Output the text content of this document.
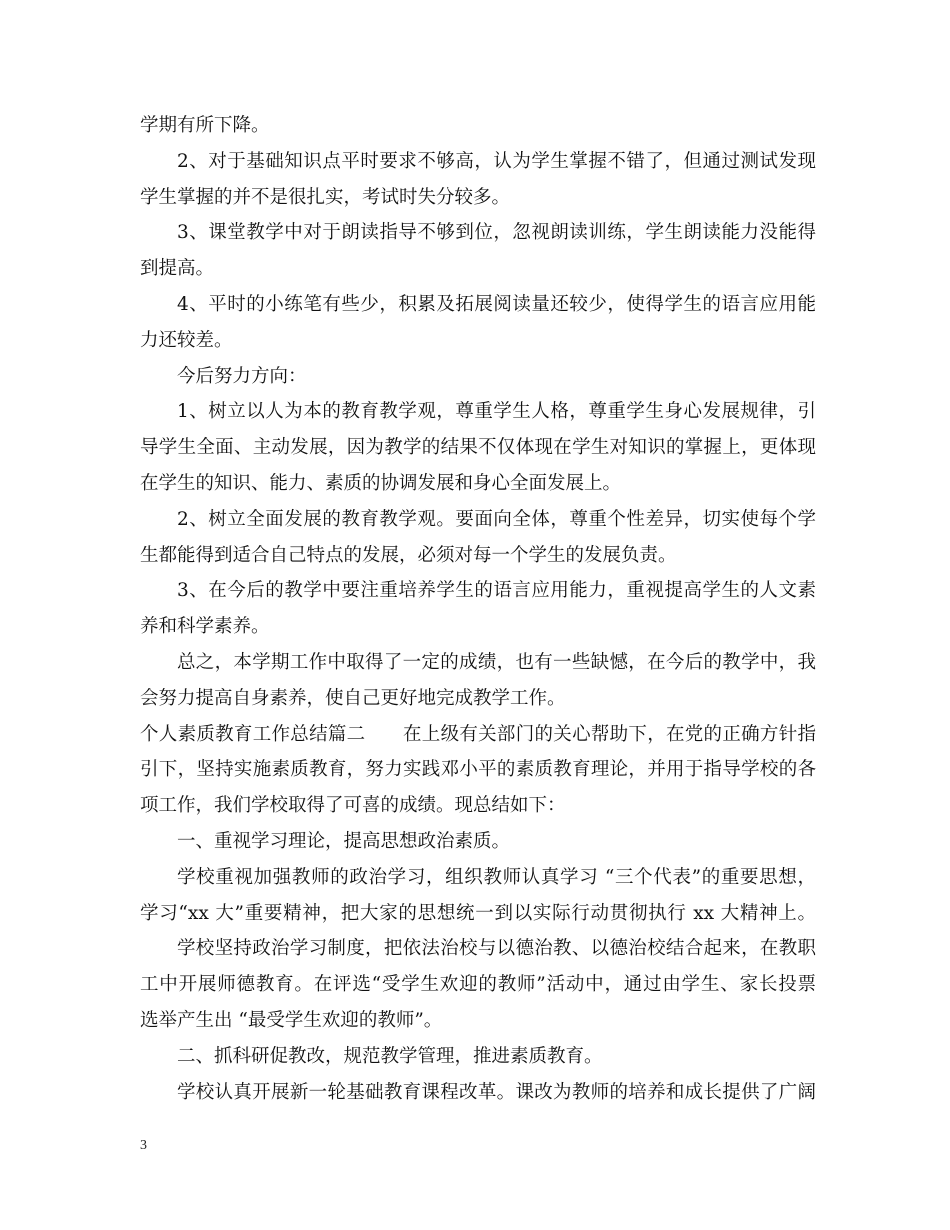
学期有所下降。
2、对于基础知识点平时要求不够高，认为学生掌握不错了，但通过测试发现
学生掌握的并不是很扎实，考试时失分较多。
3、课堂教学中对于朗读指导不够到位，忽视朗读训练，学生朗读能力没能得
到提高。
4、平时的小练笔有些少，积累及拓展阅读量还较少，使得学生的语言应用能
力还较差。
今后努力方向：
1、树立以人为本的教育教学观，尊重学生人格，尊重学生身心发展规律，引
导学生全面、主动发展，因为教学的结果不仅体现在学生对知识的掌握上，更体现
在学生的知识、能力、素质的协调发展和身心全面发展上。
2、树立全面发展的教育教学观。要面向全体，尊重个性差异，切实使每个学
生都能得到适合自己特点的发展，必须对每一个学生的发展负责。
3、在今后的教学中要注重培养学生的语言应用能力，重视提高学生的人文素
养和科学素养。
总之，本学期工作中取得了一定的成绩，也有一些缺憾，在今后的教学中，我
会努力提高自身素养，使自己更好地完成教学工作。
个人素质教育工作总结篇二　　在上级有关部门的关心帮助下，在党的正确方针指
引下，坚持实施素质教育，努力实践邓小平的素质教育理论，并用于指导学校的各
项工作，我们学校取得了可喜的成绩。现总结如下：
一、重视学习理论，提高思想政治素质。
学校重视加强教师的政治学习，组织教师认真学习 “三个代表”的重要思想，
学习“xx 大”重要精神，把大家的思想统一到以实际行动贯彻执行 xx 大精神上。
学校坚持政治学习制度，把依法治校与以德治教、以德治校结合起来，在教职
工中开展师德教育。在评选“受学生欢迎的教师”活动中，通过由学生、家长投票
选举产生出 “最受学生欢迎的教师”。
二、抓科研促教改，规范教学管理，推进素质教育。
学校认真开展新一轮基础教育课程改革。课改为教师的培养和成长提供了广阔
3
